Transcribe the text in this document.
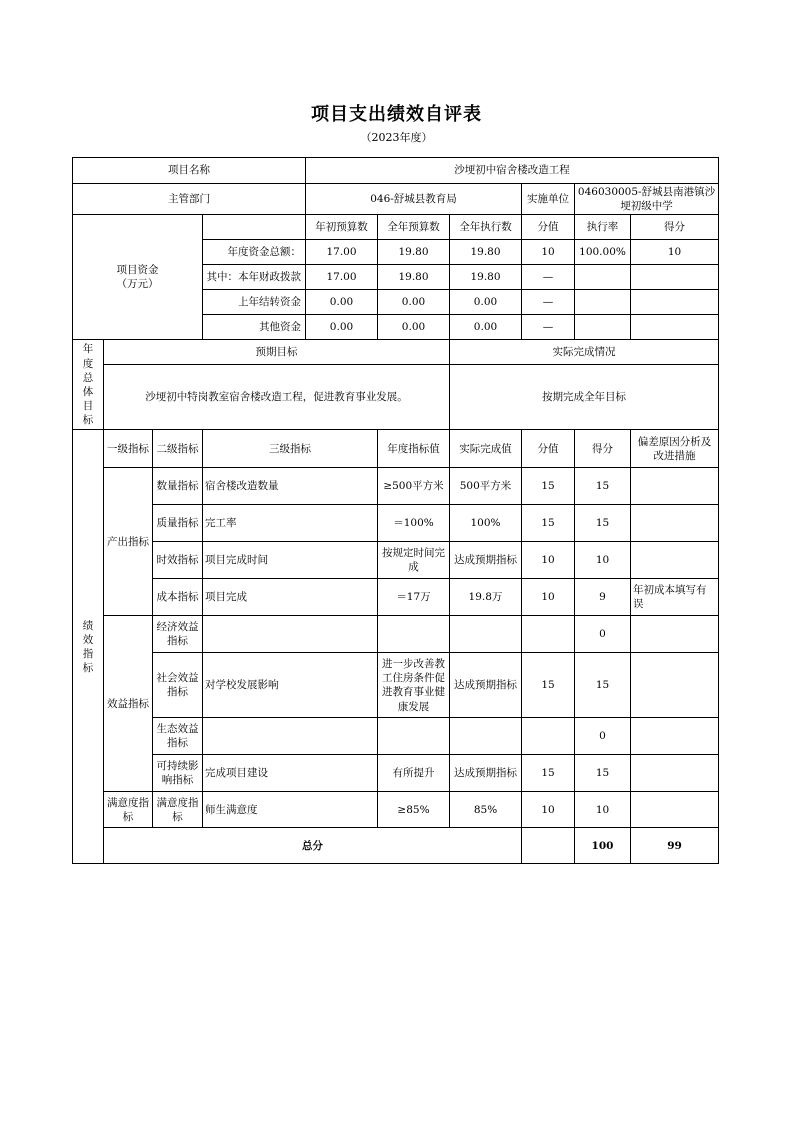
项目支出绩效自评表
（2023年度）
项目名称				沙埂初中宿舍楼改造工程						
主管部门				046-舒城县教育局			实施单位	046030005-舒城县南港镇沙埂初级中学		
项目资金
（万元）				年初预算数	全年预算数	全年执行数	分值	执行率	得分	
			年度资金总额：	17.00	19.80	19.80	10	100.00%	10	
			其中：本年财政拨款	17.00	19.80	19.80	—			
			上年结转资金	0.00	0.00	0.00	—			
			其他资金	0.00	0.00	0.00	—			
年度总体目标	预期目标					实际完成情况				
	沙埂初中特岗教室宿舍楼改造工程，促进教育事业发展。					按期完成全年目标				
绩效指标	一级指标	二级指标	三级指标		年度指标值	实际完成值	分值	得分	偏差原因分析及改进措施	
	产出指标	数量指标	宿舍楼改造数量		≥500平方米	500平方米	15	15		
		质量指标	完工率		＝100%	100%	15	15		
		时效指标	项目完成时间		按规定时间完成	达成预期指标	10	10		
		成本指标	项目完成		＝17万	19.8万	10	9	年初成本填写有误	
	效益指标	经济效益指标						0		
		社会效益指标	对学校发展影响		进一步改善教工住房条件促进教育事业健康发展	达成预期指标	15	15		
		生态效益指标						0		
		可持续影响指标	完成项目建设		有所提升	达成预期指标	15	15		
	满意度指标	满意度指标	师生满意度		≥85%	85%	10	10		
	总分							100	99	
